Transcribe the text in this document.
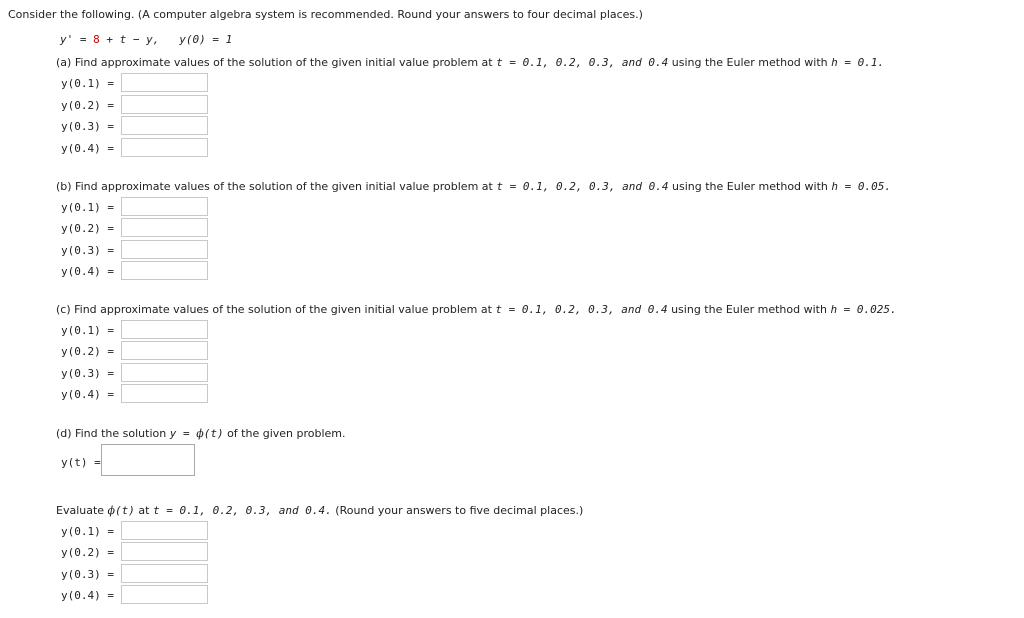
Consider the following. (A computer algebra system is recommended. Round your answers to four decimal places.)
y' = 8 + t − y, y(0) = 1
(a) Find approximate values of the solution of the given initial value problem at t = 0.1, 0.2, 0.3, and 0.4 using the Euler method with h = 0.1.
y(0.1) =
y(0.2) =
y(0.3) =
y(0.4) =
(b) Find approximate values of the solution of the given initial value problem at t = 0.1, 0.2, 0.3, and 0.4 using the Euler method with h = 0.05.
y(0.1) =
y(0.2) =
y(0.3) =
y(0.4) =
(c) Find approximate values of the solution of the given initial value problem at t = 0.1, 0.2, 0.3, and 0.4 using the Euler method with h = 0.025.
y(0.1) =
y(0.2) =
y(0.3) =
y(0.4) =
(d) Find the solution y = ϕ(t) of the given problem.
y(t) =
Evaluate ϕ(t) at t = 0.1, 0.2, 0.3, and 0.4. (Round your answers to five decimal places.)
y(0.1) =
y(0.2) =
y(0.3) =
y(0.4) =
